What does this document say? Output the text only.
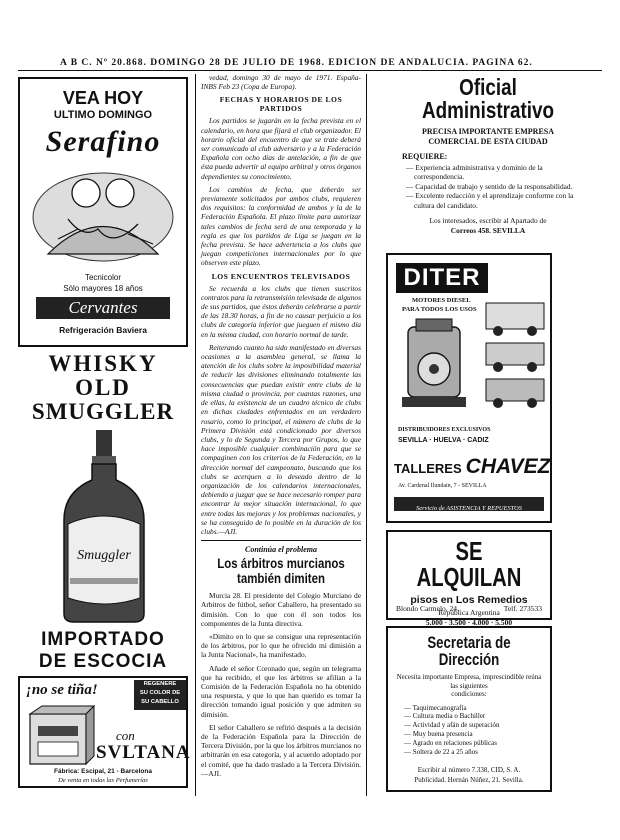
A B C. Nº 20.868. DOMINGO 28 DE JULIO DE 1968. EDICION DE ANDALUCIA. PAGINA 62.
VEA HOY
ULTIMO DOMINGO
Serafino
Tecnicolor
Sólo mayores 18 años
Cervantes
Refrigeración Baviera
WHISKY
OLD
SMUGGLER
Smuggler
IMPORTADO
DE ESCOCIA
¡no se tiña!	REGENERE
SU COLOR DE
SU CABELLO
con
SVLTANA
Fábrica: Escipal, 21 - Barcelona
De venta en todas las Perfumerías

vedad, domingo 30 de mayo de 1971. España-INBS Feb 23 (Copa de Europa).

FECHAS Y HORARIOS DE LOS PARTIDOS

Los partidos se jugarán en la fecha prevista en el calendario, en hora que fijará el club organizador. El horario oficial del encuentro de que se trate deberá ser comunicado al club adversario y a la Federación Española con ocho días de antelación, a fin de que ésta pueda advertir al equipo arbitral y otros órganos dependientes su conocimiento.

Los cambios de fecha, que deberán ser previamente solicitados por ambos clubs, requieren dos requisitos: la conformidad de ambos y la de la Federación Española. El plazo límite para autorizar tales cambios de fecha será de una temporada y la regla es que los partidos de Liga se juegan en la fecha prevista. Se hace advertencia a los clubs que juegan competiciones internacionales por lo que observen este plazo.

LOS ENCUENTROS TELEVISADOS

Se recuerda a los clubs que tienen suscritos contratos para la retransmisión televisada de algunos de sus partidos, que éstos deberán celebrarse a partir de las 18.30 horas, a fin de no causar perjuicio a los clubs de categoría inferior que jueguen el mismo día en la misma ciudad, con horario normal de tarde.

Reiterando cuanto ha sido manifestado en diversas ocasiones a la asamblea general, se llama la atención de los clubs sobre la imposibilidad material de reducir las divisiones eliminando totalmente las consecuencias que puedan existir entre clubs de la misma ciudad o provincia, por cuantas razones, una de ellas, la existencia de un cuadro técnico de clubs en dichas ciudades enfrentados en un verdadero rosario, como lo principal, el número de clubs de la Primera División está condicionado por diversos clubs, y lo de Segunda y Tercera por Grupos, lo que hace imposible cualquier combinación para que se compaginen con los criterios de la Federación, en la dirección normal del campeonato, buscando que los clubs se acerquen a lo deseado dentro de la organización de los calendarios internacionales, debiendo a juzgar que se hace necesario romper para encontrar la mejor situación internacional, lo que entre todas las mejoras y los problemas nacionales, y se ha conseguido de lo posible en la duración de los clubs.—AJI.

Continúa el problema
Los árbitros murcianos también dimiten

Murcia 28. El presidente del Colegio Murciano de Arbitros de fútbol, señor Caballero, ha presentado su dimisión. Con lo que con él son todos los componentes de la Junta directiva.

«Dimito en lo que se consigue una representación de los árbitros, por lo que he ofrecido mi dimisión a la Junta Nacional», ha manifestado.

Añade el señor Coronado que, según un telegrama que ha recibido, el que los árbitros se afilian a la Comisión de la Federación Española no ha obtenido una respuesta, y que lo que han querido es tomar la dirección tomando igual posición y que admiten su dimisión.

El señor Caballero se refirió después a la decisión de la Federación Española para la Dirección de Tercera División, por la que los árbitros murcianos no arbitrarán en esa categoría, y al acuerdo adoptado por el comité, que ha dado traslado a la Tercera División.—AJI.

Oficial Administrativo
PRECISA IMPORTANTE EMPRESA
COMERCIAL DE ESTA CIUDAD
REQUIERE:
— Experiencia administrativa y dominio de la correspondencia.
— Capacidad de trabajo y sentido de la responsabilidad.
— Excelente redacción y el aprendizaje conforme con la cultura del candidato.
Los interesados, escribir al Apartado de
Correos 458. SEVILLA
DITER
MOTORES DIESEL
PARA TODOS LOS USOS
DISTRIBUIDORES EXCLUSIVOS
SEVILLA · HUELVA · CADIZ
TALLERES CHAVEZ
Av. Cardenal Ilundain, 7 - SEVILLA
Servicio de ASISTENCIA Y REPUESTOS
SE ALQUILAN
pisos en Los Remedios
República Argentina
5.000 · 3.500 · 4.000 · 5.500
Blondo Carmelo, 24.	Telf. 273533
Secretaria de Dirección
Necesita importante Empresa, imprescindible reúna las siguientes
condiciones:
— Taquimecanografía
— Cultura media o Bachiller
— Actividad y afán de superación
— Muy buena presencia
— Agrado en relaciones públicas
— Soltera de 22 a 25 años
Escribir al número 7.338, CID, S. A.
Publicidad. Hernán Núñez, 21. Sevilla.
